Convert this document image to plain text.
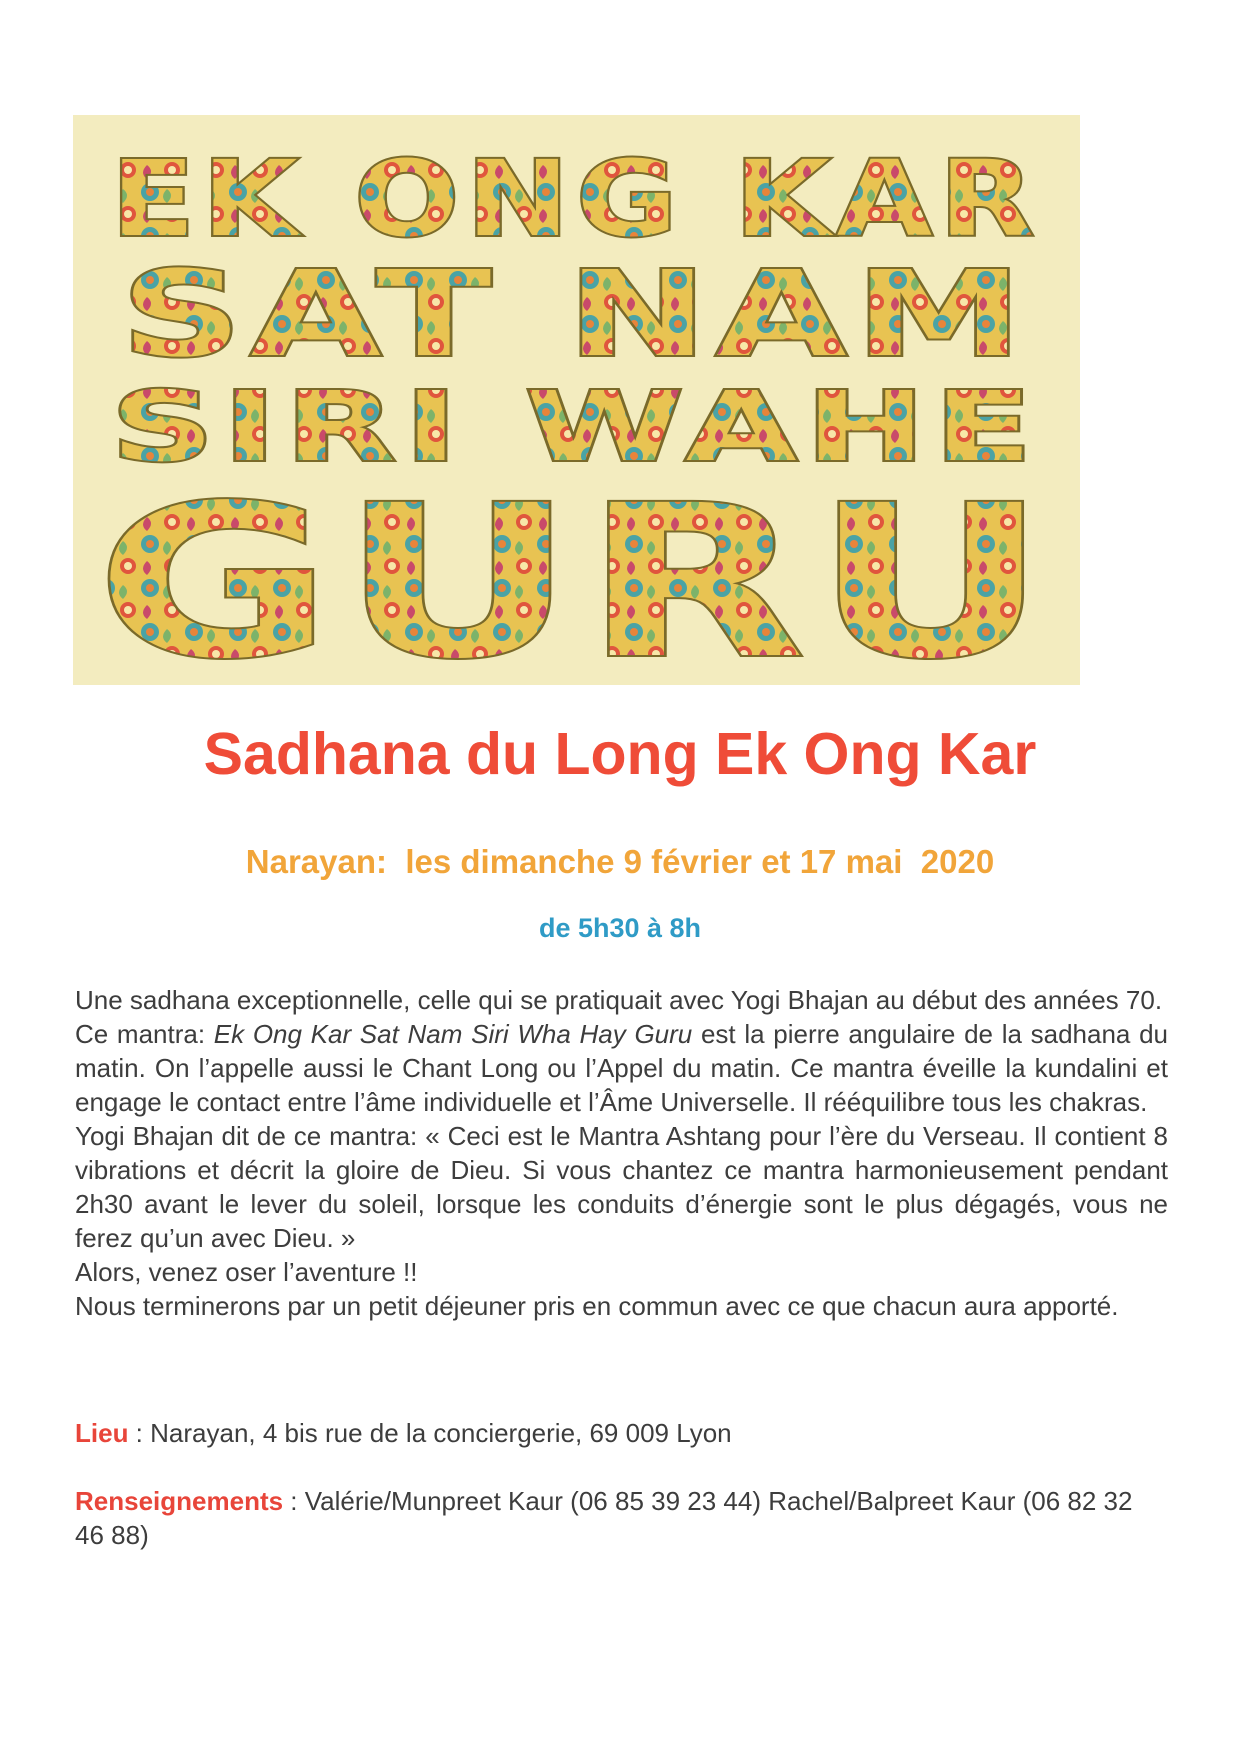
EK ONG KAR
SAT NAM
SIRI WAHE
GURU
Sadhana du Long Ek Ong Kar
Narayan:  les dimanche 9 février et 17 mai  2020
de 5h30 à 8h

Une sadhana exceptionnelle, celle qui se pratiquait avec Yogi Bhajan au début des années 70.

Ce mantra: Ek Ong Kar Sat Nam Siri Wha Hay Guru est la pierre angulaire de la sadhana du matin. On l’appelle aussi le Chant Long ou l’Appel du matin. Ce mantra éveille la kundalini et engage le contact entre l’âme individuelle et l’Âme Universelle. Il rééquilibre tous les chakras.

Yogi Bhajan dit de ce mantra: « Ceci est le Mantra Ashtang pour l’ère du Verseau. Il contient 8 vibrations et décrit la gloire de Dieu. Si vous chantez ce mantra harmonieusement pendant 2h30 avant le lever du soleil, lorsque les conduits d’énergie sont le plus dégagés, vous ne ferez qu’un avec Dieu. »

Alors, venez oser l’aventure !!

Nous terminerons par un petit déjeuner pris en commun avec ce que chacun aura apporté.

Lieu : Narayan, 4 bis rue de la conciergerie, 69 009 Lyon
Renseignements : Valérie/Munpreet Kaur (06 85 39 23 44) Rachel/Balpreet Kaur (06 82 32 46 88)
